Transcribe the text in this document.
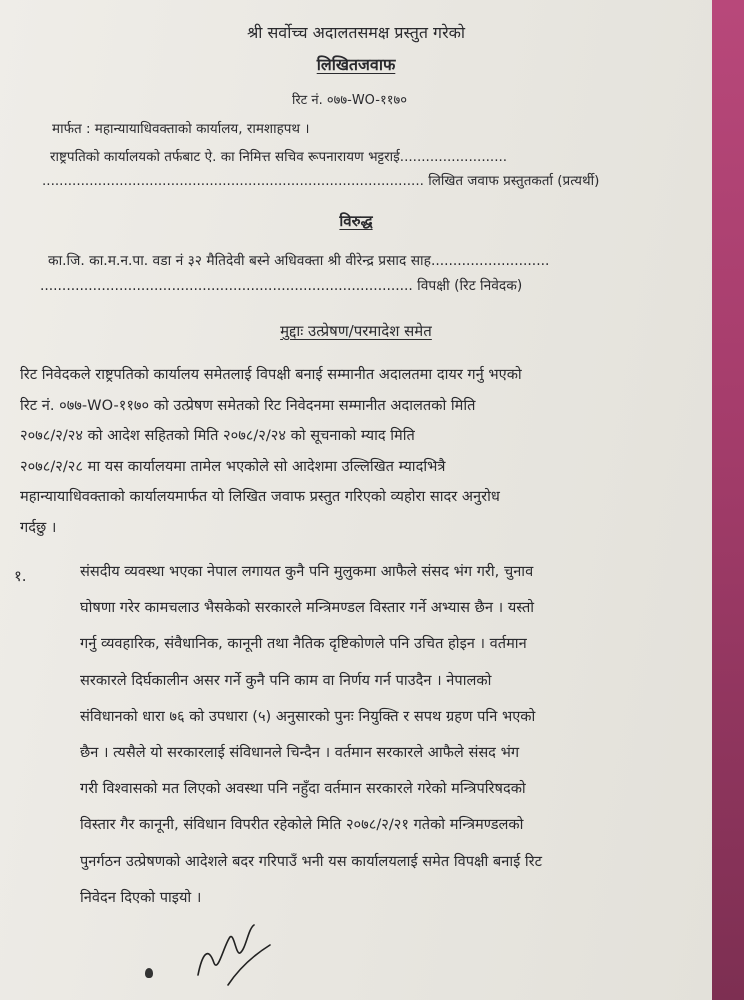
श्री सर्वोच्च अदालतसमक्ष प्रस्तुत गरेको
लिखितजवाफ
रिट नं. ०७७-WO-११७०
मार्फत : महान्यायाधिवक्ताको कार्यालय, रामशाहपथ ।
राष्ट्रपतिको कार्यालयको तर्फबाट ऐ. का निमित्त सचिव रूपनारायण भट्टराई.........................
......................................................................................... लिखित जवाफ प्रस्तुतकर्ता (प्रत्यर्थी)
विरुद्ध
का.जि. का.म.न.पा. वडा नं ३२ मैतिदेवी बस्ने अधिवक्ता श्री वीरेन्द्र प्रसाद साह...........................
..................................................................................... विपक्षी (रिट निवेदक)
मुद्दाः उत्प्रेषण/परमादेश समेत
रिट निवेदकले राष्ट्रपतिको कार्यालय समेतलाई विपक्षी बनाई सम्मानीत अदालतमा दायर गर्नु भएको
रिट नं. ०७७-WO-११७० को उत्प्रेषण समेतको रिट निवेदनमा सम्मानीत अदालतको मिति
२०७८/२/२४ को आदेश सहितको मिति २०७८/२/२४ को सूचनाको म्याद मिति
२०७८/२/२८ मा यस कार्यालयमा तामेल भएकोले सो आदेशमा उल्लिखित म्यादभित्रै
महान्यायाधिवक्ताको कार्यालयमार्फत यो लिखित जवाफ प्रस्तुत गरिएको व्यहोरा सादर अनुरोध
गर्दछु ।
१.	संसदीय व्यवस्था भएका नेपाल लगायत कुनै पनि मुलुकमा आफैले संसद भंग गरी, चुनाव
घोषणा गरेर कामचलाउ भैसकेको सरकारले मन्त्रिमण्डल विस्तार गर्ने अभ्यास छैन । यस्तो
गर्नु व्यवहारिक, संवैधानिक, कानूनी तथा नैतिक दृष्टिकोणले पनि उचित होइन । वर्तमान
सरकारले दिर्घकालीन असर गर्ने कुनै पनि काम वा निर्णय गर्न पाउदैन । नेपालको
संविधानको धारा ७६ को उपधारा (५) अनुसारको पुनः नियुक्ति र सपथ ग्रहण पनि भएको
छैन । त्यसैले यो सरकारलाई संविधानले चिन्दैन । वर्तमान सरकारले आफैले संसद भंग
गरी विश्वासको मत लिएको अवस्था पनि नहुँदा वर्तमान सरकारले गरेको मन्त्रिपरिषदको
विस्तार गैर कानूनी, संविधान विपरीत रहेकोले मिति २०७८/२/२१ गतेको मन्त्रिमण्डलको
पुनर्गठन उत्प्रेषणको आदेशले बदर गरिपाउँ भनी यस कार्यालयलाई समेत विपक्षी बनाई रिट
निवेदन दिएको पाइयो ।
